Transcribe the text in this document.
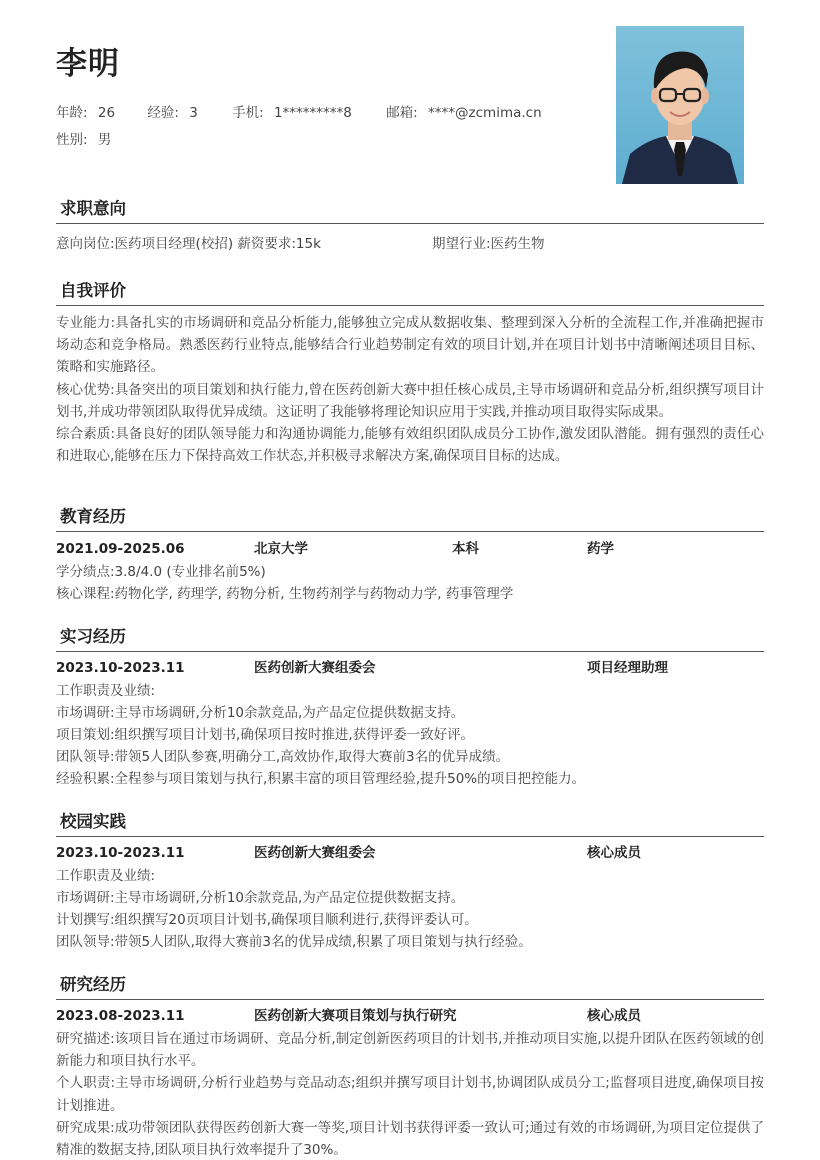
李明
年龄: 26 经验: 3	手机: 1*********8	邮箱: ****@zcmima.cn
性别: 男
求职意向
意向岗位:医药项目经理(校招) 薪资要求:15k	期望行业:医药生物
自我评价

专业能力:具备扎实的市场调研和竞品分析能力,能够独立完成从数据收集、整理到深入分析的全流程工作,并准确把握市场动态和竞争格局。熟悉医药行业特点,能够结合行业趋势制定有效的项目计划,并在项目计划书中清晰阐述项目目标、策略和实施路径。

核心优势:具备突出的项目策划和执行能力,曾在医药创新大赛中担任核心成员,主导市场调研和竞品分析,组织撰写项目计划书,并成功带领团队取得优异成绩。这证明了我能够将理论知识应用于实践,并推动项目取得实际成果。

综合素质:具备良好的团队领导能力和沟通协调能力,能够有效组织团队成员分工协作,激发团队潜能。拥有强烈的责任心和进取心,能够在压力下保持高效工作状态,并积极寻求解决方案,确保项目目标的达成。

教育经历
2021.09-2025.06	北京大学	本科	药学
学分绩点:3.8/4.0 (专业排名前5%)
核心课程:药物化学, 药理学, 药物分析, 生物药剂学与药物动力学, 药事管理学
实习经历
2023.10-2023.11	医药创新大赛组委会	项目经理助理
工作职责及业绩:
市场调研:主导市场调研,分析10余款竞品,为产品定位提供数据支持。
项目策划:组织撰写项目计划书,确保项目按时推进,获得评委一致好评。
团队领导:带领5人团队参赛,明确分工,高效协作,取得大赛前3名的优异成绩。
经验积累:全程参与项目策划与执行,积累丰富的项目管理经验,提升50%的项目把控能力。
校园实践
2023.10-2023.11	医药创新大赛组委会	核心成员
工作职责及业绩:
市场调研:主导市场调研,分析10余款竞品,为产品定位提供数据支持。
计划撰写:组织撰写20页项目计划书,确保项目顺利进行,获得评委认可。
团队领导:带领5人团队,取得大赛前3名的优异成绩,积累了项目策划与执行经验。
研究经历
2023.08-2023.11	医药创新大赛项目策划与执行研究	核心成员

研究描述:该项目旨在通过市场调研、竞品分析,制定创新医药项目的计划书,并推动项目实施,以提升团队在医药领域的创新能力和项目执行水平。

个人职责:主导市场调研,分析行业趋势与竞品动态;组织并撰写项目计划书,协调团队成员分工;监督项目进度,确保项目按计划推进。

研究成果:成功带领团队获得医药创新大赛一等奖,项目计划书获得评委一致认可;通过有效的市场调研,为项目定位提供了精准的数据支持,团队项目执行效率提升了30%。
